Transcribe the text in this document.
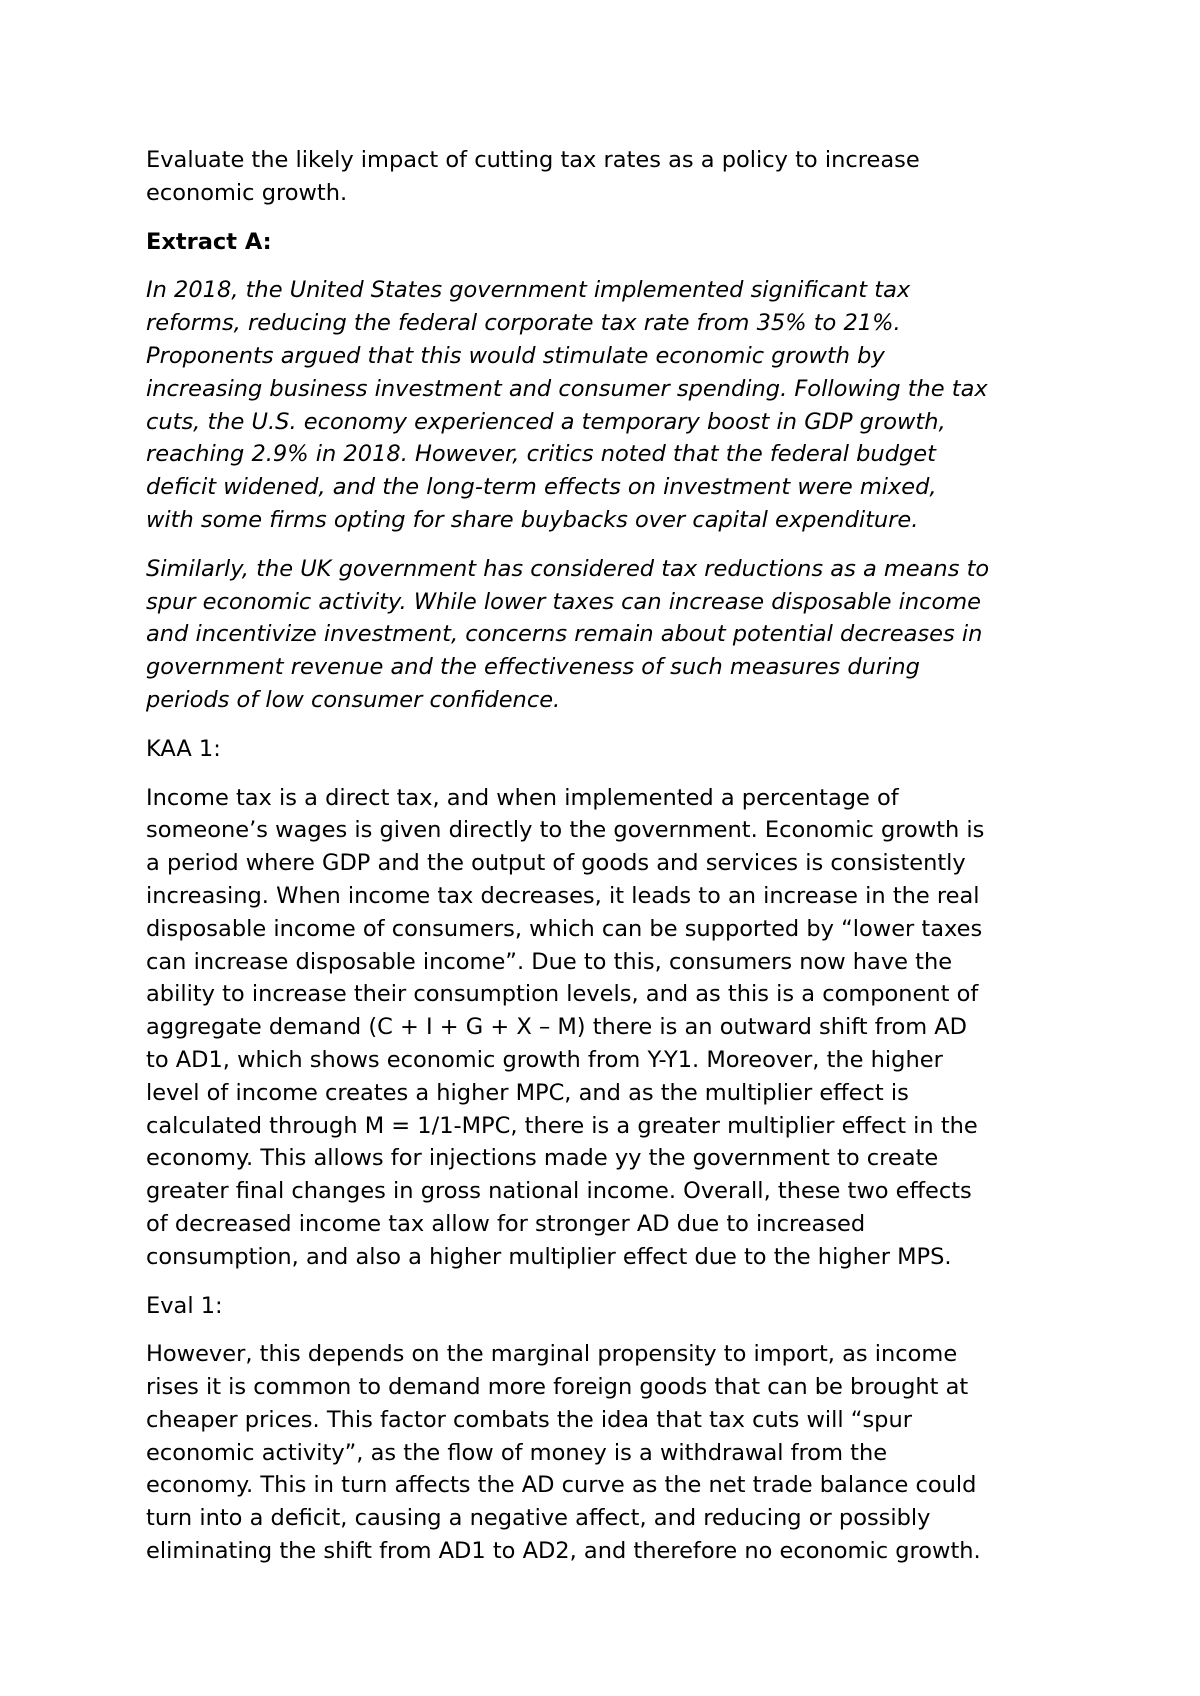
Evaluate the likely impact of cutting tax rates as a policy to increase
economic growth.

Extract A:

In 2018, the United States government implemented significant tax
reforms, reducing the federal corporate tax rate from 35% to 21%.
Proponents argued that this would stimulate economic growth by
increasing business investment and consumer spending. Following the tax
cuts, the U.S. economy experienced a temporary boost in GDP growth,
reaching 2.9% in 2018. However, critics noted that the federal budget
deficit widened, and the long-term effects on investment were mixed,
with some firms opting for share buybacks over capital expenditure.

Similarly, the UK government has considered tax reductions as a means to
spur economic activity. While lower taxes can increase disposable income
and incentivize investment, concerns remain about potential decreases in
government revenue and the effectiveness of such measures during
periods of low consumer confidence.

KAA 1:

Income tax is a direct tax, and when implemented a percentage of
someone’s wages is given directly to the government. Economic growth is
a period where GDP and the output of goods and services is consistently
increasing. When income tax decreases, it leads to an increase in the real
disposable income of consumers, which can be supported by “lower taxes
can increase disposable income”. Due to this, consumers now have the
ability to increase their consumption levels, and as this is a component of
aggregate demand (C + I + G + X – M) there is an outward shift from AD
to AD1, which shows economic growth from Y-Y1. Moreover, the higher
level of income creates a higher MPC, and as the multiplier effect is
calculated through M = 1/1-MPC, there is a greater multiplier effect in the
economy. This allows for injections made yy the government to create
greater final changes in gross national income. Overall, these two effects
of decreased income tax allow for stronger AD due to increased
consumption, and also a higher multiplier effect due to the higher MPS.

Eval 1:

However, this depends on the marginal propensity to import, as income
rises it is common to demand more foreign goods that can be brought at
cheaper prices. This factor combats the idea that tax cuts will “spur
economic activity”, as the flow of money is a withdrawal from the
economy. This in turn affects the AD curve as the net trade balance could
turn into a deficit, causing a negative affect, and reducing or possibly
eliminating the shift from AD1 to AD2, and therefore no economic growth.
